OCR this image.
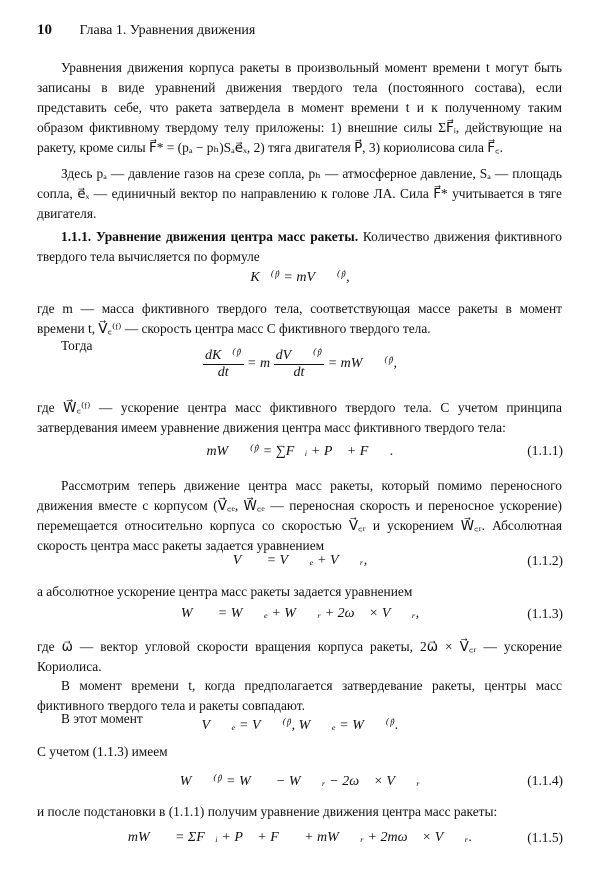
10 Глава 1. Уравнения движения
Уравнения движения корпуса ракеты в произвольный момент времени t могут быть записаны в виде уравнений движения твердого тела (постоянного состава), если представить себе, что ракета затвердела в момент времени t и к полученному таким образом фиктивному твердому телу приложены: 1) внешние силы ΣF⃗ᵢ, действующие на ракету, кроме силы F⃗* = (pₐ − pₕ)Sₐe⃗ₓ, 2) тяга двигателя P⃗, 3) кориолисова сила F⃗꜀.
Здесь pₐ — давление газов на срезе сопла, pₕ — атмосферное давление, Sₐ — площадь сопла, e⃗ₓ — единичный вектор по направлению к голове ЛА. Сила F⃗* учитывается в тяге двигателя.
1.1.1. Уравнение движения центра масс ракеты. Количество движения фиктивного твердого тела вычисляется по формуле
K⃗⁽ᶠ⁾ = mV⃗꜀⁽ᶠ⁾,
где m — масса фиктивного твердого тела, соответствующая массе ракеты в момент времени t, V⃗꜀⁽ᶠ⁾ — скорость центра масс C фиктивного твердого тела.
Тогда
$\frac{\text{dK⃗⁽ᶠ⁾}}{dt} = m \frac{\text{dV⃗꜀⁽ᶠ⁾}}{dt}$ = mW⃗꜀⁽ᶠ⁾,
где W⃗꜀⁽ᶠ⁾ — ускорение центра масс фиктивного твердого тела. С учетом принципа затвердевания имеем уравнение движения центра масс фиктивного твердого тела:
mW⃗꜀⁽ᶠ⁾ = ∑F⃗ᵢ + P⃗ + F⃗꜀.	(1.1.1)
Рассмотрим теперь движение центра масс ракеты, который помимо переносного движения вместе с корпусом (V⃗꜀ₑ, W⃗꜀ₑ — переносная скорость и переносное ускорение) перемещается относительно корпуса со скоростью V⃗꜀ᵣ и ускорением W⃗꜀ᵣ. Абсолютная скорость центра масс ракеты задается уравнением
V⃗꜀ = V⃗꜀ₑ + V⃗꜀ᵣ,	(1.1.2)
а абсолютное ускорение центра масс ракеты задается уравнением
W⃗꜀ = W⃗꜀ₑ + W⃗꜀ᵣ + 2ω⃗ × V⃗꜀ᵣ,	(1.1.3)
где ω⃗ — вектор угловой скорости вращения корпуса ракеты, 2ω⃗ × V⃗꜀ᵣ — ускорение Кориолиса.
В момент времени t, когда предполагается затвердевание ракеты, центры масс фиктивного твердого тела и ракеты совпадают.
В этот момент	V⃗꜀ₑ = V⃗꜀⁽ᶠ⁾, W⃗꜀ₑ = W⃗꜀⁽ᶠ⁾.
С учетом (1.1.3) имеем
W⃗꜀⁽ᶠ⁾ = W⃗꜀ − W⃗꜀ᵣ − 2ω⃗ × V⃗꜀ᵣ	(1.1.4)
и после подстановки в (1.1.1) получим уравнение движения центра масс ракеты:
mW⃗꜀ = ΣF⃗ᵢ + P⃗ + F⃗꜀ + mW⃗꜀ᵣ + 2mω⃗ × V⃗꜀ᵣ.	(1.1.5)
